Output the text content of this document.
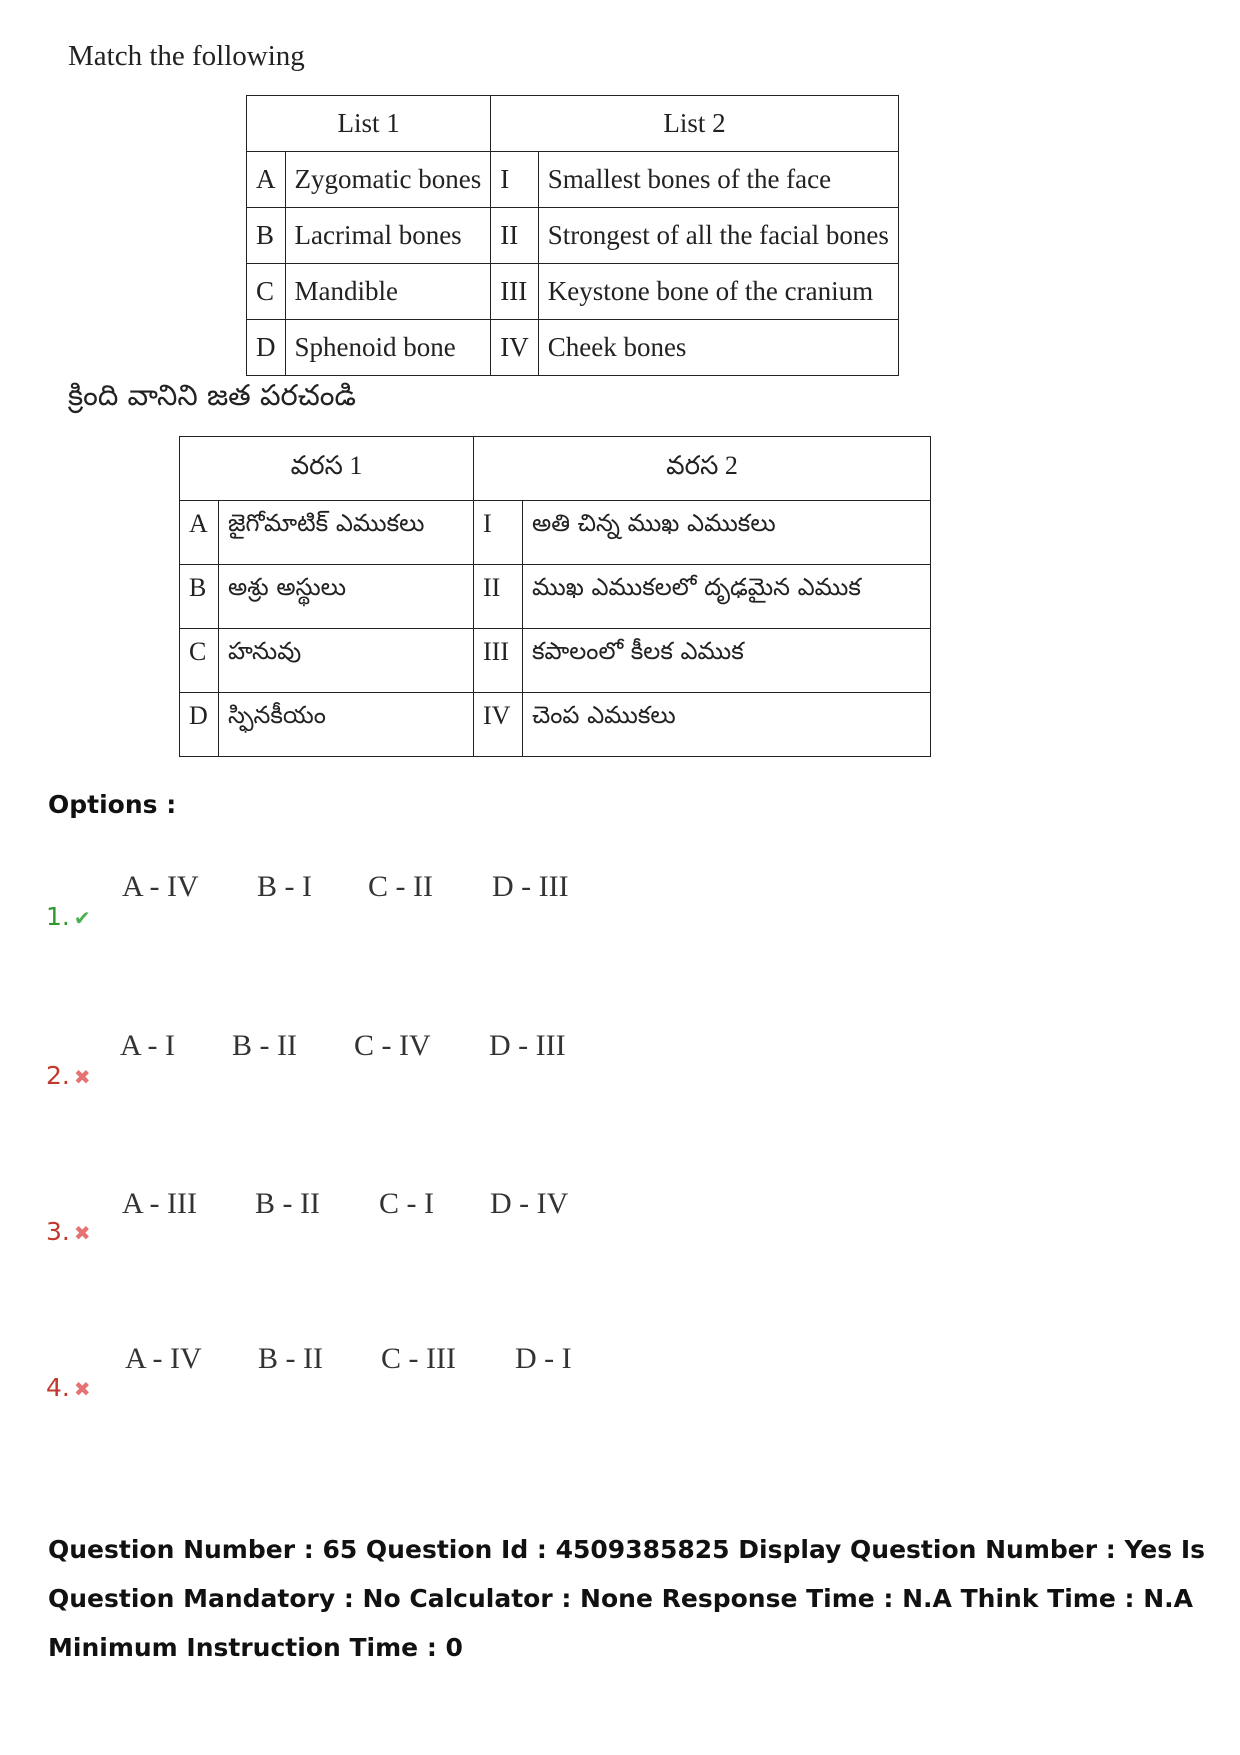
Match the following
List 1		List 2	
A	Zygomatic bones	I	Smallest bones of the face
B	Lacrimal bones	II	Strongest of all the facial bones
C	Mandible	III	Keystone bone of the cranium
D	Sphenoid bone	IV	Cheek bones
క్రింది వానిని జత పరచండి
వరస 1		వరస 2	
A	జైగోమాటిక్ ఎముకలు	I	అతి చిన్న ముఖ ఎముకలు
B	అశ్రు అస్థులు	II	ముఖ ఎముకలలో దృఢమైన ఎముక
C	హనువు	III	కపాలంలో కీలక ఎముక
D	స్ఫినకీయం	IV	చెంప ఎముకలు
Options :
A - IV B - I C - II D - III
1. ✔
A - I B - II C - IV D - III
2. ✖
A - III B - II C - I D - IV
3. ✖
A - IV B - II C - III D - I
4. ✖
Question Number : 65 Question Id : 4509385825 Display Question Number : Yes Is Question Mandatory : No Calculator : None Response Time : N.A Think Time : N.A Minimum Instruction Time : 0
